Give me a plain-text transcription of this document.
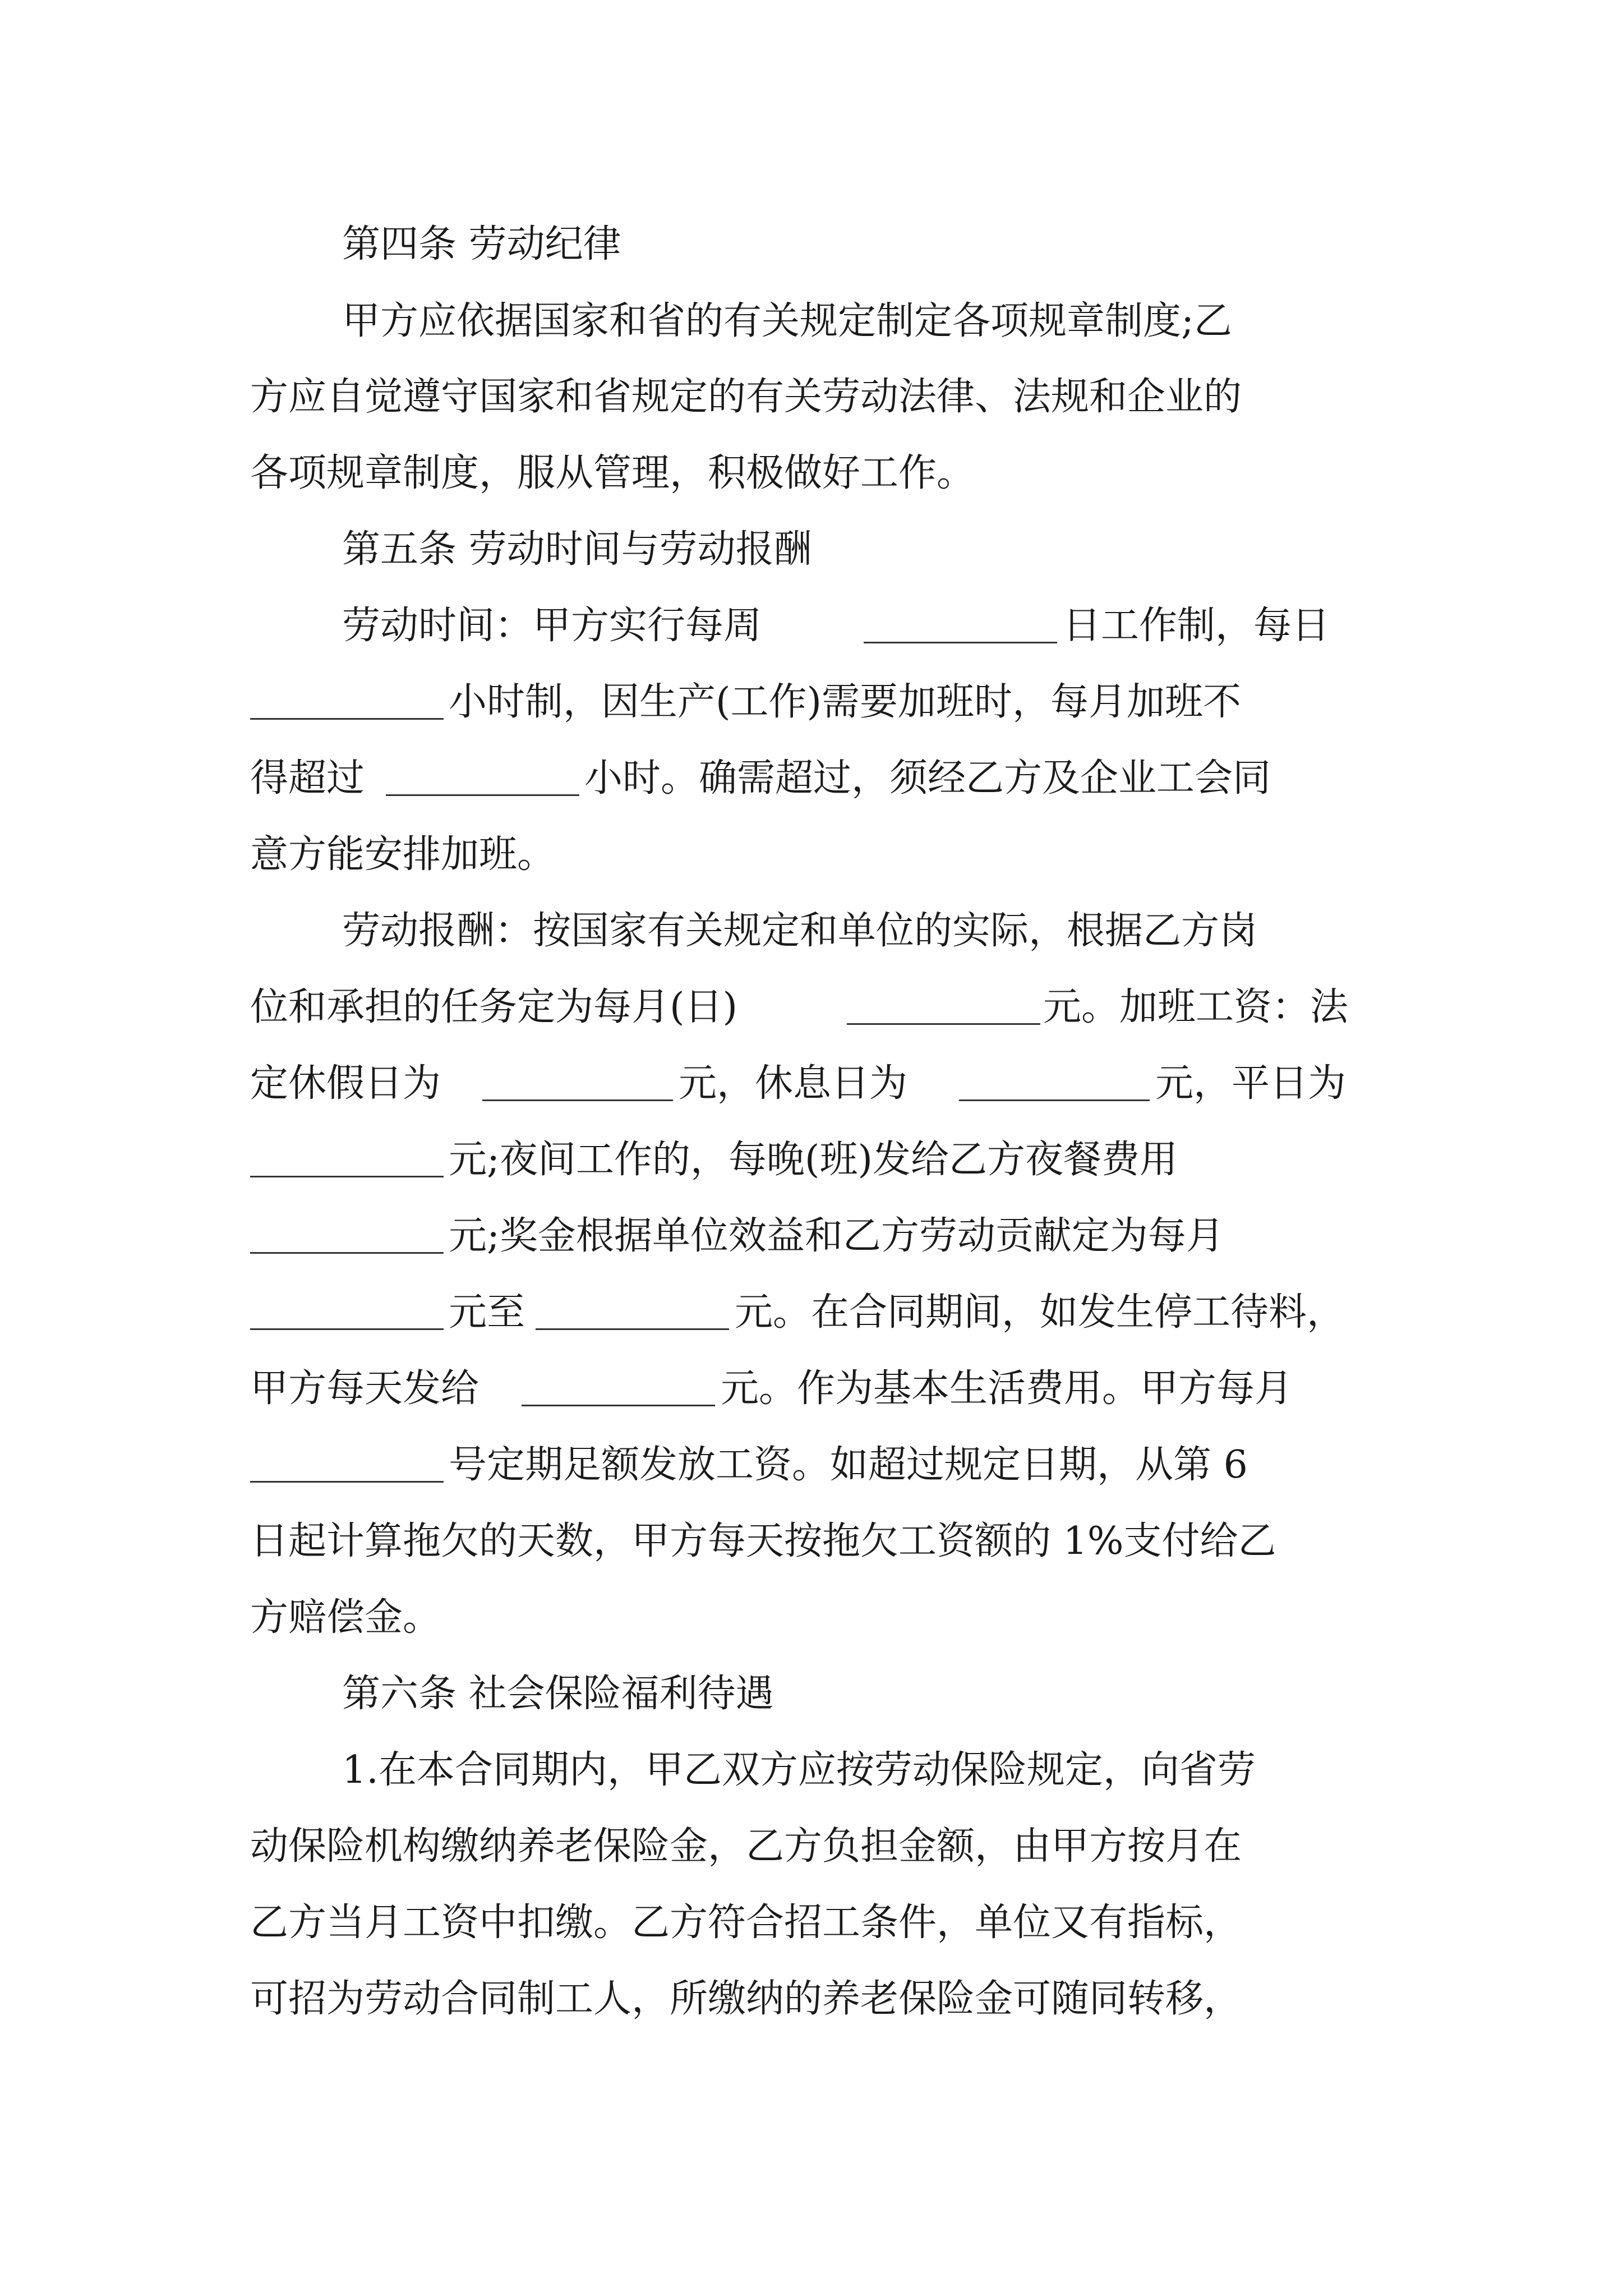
第四条 劳动纪律
甲方应依据国家和省的有关规定制定各项规章制度;乙
方应自觉遵守国家和省规定的有关劳动法律、法规和企业的
各项规章制度，服从管理，积极做好工作。
第五条 劳动时间与劳动报酬
劳动时间：甲方实行每周	日工作制，每日
小时制，因生产(工作)需要加班时，每月加班不
得超过	小时。确需超过，须经乙方及企业工会同
意方能安排加班。
劳动报酬：按国家有关规定和单位的实际，根据乙方岗
位和承担的任务定为每月(日)	元。加班工资：法
定休假日为	元，休息日为	元，平日为
元;夜间工作的，每晚(班)发给乙方夜餐费用
元;奖金根据单位效益和乙方劳动贡献定为每月
元至	元。在合同期间，如发生停工待料，
甲方每天发给	元。作为基本生活费用。甲方每月
号定期足额发放工资。如超过规定日期，从第 6
日起计算拖欠的天数，甲方每天按拖欠工资额的 1%支付给乙
方赔偿金。
第六条 社会保险福利待遇
1.在本合同期内，甲乙双方应按劳动保险规定，向省劳
动保险机构缴纳养老保险金，乙方负担金额，由甲方按月在
乙方当月工资中扣缴。乙方符合招工条件，单位又有指标，
可招为劳动合同制工人，所缴纳的养老保险金可随同转移，
